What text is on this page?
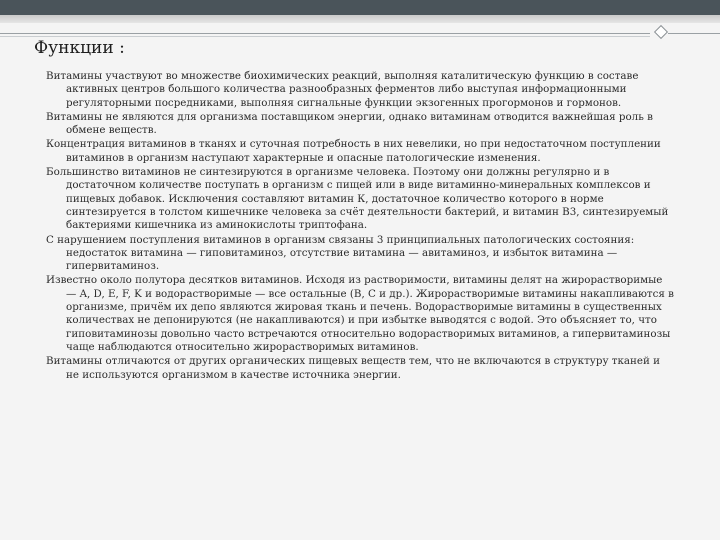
Функции :

Витамины участвуют во множестве биохимических реакций, выполняя каталитическую функцию в составе активных центров большого количества разнообразных ферментов либо выступая информационными регуляторными посредниками, выполняя сигнальные функции экзогенных прогормонов и гормонов.

Витамины не являются для организма поставщиком энергии, однако витаминам отводится важнейшая роль в обмене веществ.

Концентрация витаминов в тканях и суточная потребность в них невелики, но при недостаточном поступлении витаминов в организм наступают характерные и опасные патологические изменения.

Большинство витаминов не синтезируются в организме человека. Поэтому они должны регулярно и в достаточном количестве поступать в организм с пищей или в виде витаминно-минеральных комплексов и пищевых добавок. Исключения составляют витамин К, достаточное количество которого в норме синтезируется в толстом кишечнике человека за счёт деятельности бактерий, и витамин B3, синтезируемый бактериями кишечника из аминокислоты триптофана.

С нарушением поступления витаминов в организм связаны 3 принципиальных патологических состояния: недостаток витамина — гиповитаминоз, отсутствие витамина — авитаминоз, и избыток витамина — гипервитаминоз.

Известно около полутора десятков витаминов. Исходя из растворимости, витамины делят на жирорастворимые — A, D, E, F, K и водорастворимые — все остальные (B, C и др.). Жирорастворимые витамины накапливаются в организме, причём их депо являются жировая ткань и печень. Водорастворимые витамины в существенных количествах не депонируются (не накапливаются) и при избытке выводятся с водой. Это объясняет то, что гиповитаминозы довольно часто встречаются относительно водорастворимых витаминов, а гипервитаминозы чаще наблюдаются относительно жирорастворимых витаминов.

Витамины отличаются от других органических пищевых веществ тем, что не включаются в структуру тканей и не используются организмом в качестве источника энергии.
